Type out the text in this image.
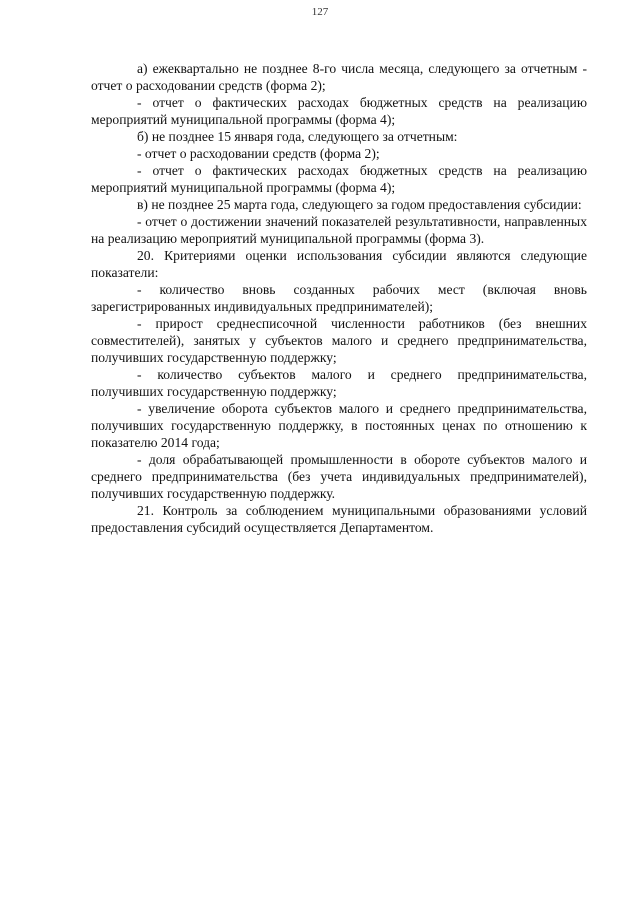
127

а) ежеквартально не позднее 8-го числа месяца, следующего за отчетным - отчет о расходовании средств (форма 2);

- отчет о фактических расходах бюджетных средств на реализацию мероприятий муниципальной программы (форма 4);

б) не позднее 15 января года, следующего за отчетным:

- отчет о расходовании средств (форма 2);

- отчет о фактических расходах бюджетных средств на реализацию мероприятий муниципальной программы (форма 4);

в) не позднее 25 марта года, следующего за годом предоставления субсидии:

- отчет о достижении значений показателей результативности, направленных на реализацию мероприятий муниципальной программы (форма 3).

20. Критериями оценки использования субсидии являются следующие показатели:

- количество вновь созданных рабочих мест (включая вновь зарегистрированных индивидуальных предпринимателей);

- прирост среднесписочной численности работников (без внешних совместителей), занятых у субъектов малого и среднего предпринимательства, получивших государственную поддержку;

- количество субъектов малого и среднего предпринимательства, получивших государственную поддержку;

- увеличение оборота субъектов малого и среднего предпринимательства, получивших государственную поддержку, в постоянных ценах по отношению к показателю 2014 года;

- доля обрабатывающей промышленности в обороте субъектов малого и среднего предпринимательства (без учета индивидуальных предпринимателей), получивших государственную поддержку.

21. Контроль за соблюдением муниципальными образованиями условий предоставления субсидий осуществляется Департаментом.
